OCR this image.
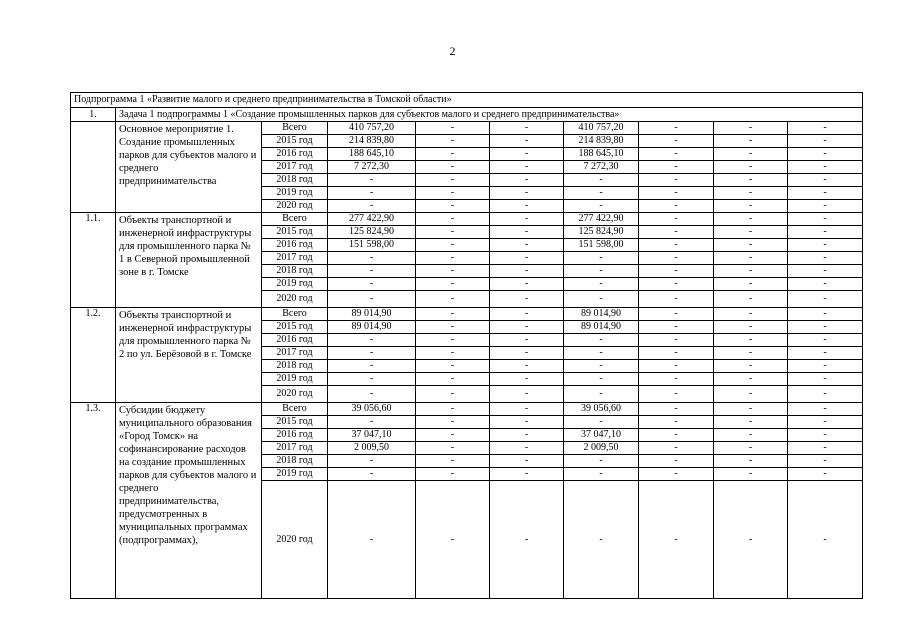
2
Подпрограмма 1 «Развитие малого и среднего предпринимательства в Томской области»									
1.	Задача 1 подпрограммы 1 «Создание промышленных парков для субъектов малого и среднего предпринимательства»								
	Основное мероприятие 1. Создание промышленных парков для субъектов малого и среднего предпринимательства	Всего	410 757,20	-	-	410 757,20	-	-	-
		2015 год	214 839,80	-	-	214 839,80	-	-	-
		2016 год	188 645,10	-	-	188 645,10	-	-	-
		2017 год	7 272,30	-	-	7 272,30	-	-	-
		2018 год	-	-	-	-	-	-	-
		2019 год	-	-	-	-	-	-	-
		2020 год	-	-	-	-	-	-	-
1.1.	Объекты транспортной и инженерной инфраструктуры для промышленного парка № 1 в Северной промышленной зоне в г. Томске	Всего	277 422,90	-	-	277 422,90	-	-	-
		2015 год	125 824,90	-	-	125 824,90	-	-	-
		2016 год	151 598,00	-	-	151 598,00	-	-	-
		2017 год	-	-	-	-	-	-	-
		2018 год	-	-	-	-	-	-	-
		2019 год	-	-	-	-	-	-	-
		2020 год	-	-	-	-	-	-	-
1.2.	Объекты транспортной и инженерной инфраструктуры для промышленного парка № 2 по ул. Берёзовой в г. Томске	Всего	89 014,90	-	-	89 014,90	-	-	-
		2015 год	89 014,90	-	-	89 014,90	-	-	-
		2016 год	-	-	-	-	-	-	-
		2017 год	-	-	-	-	-	-	-
		2018 год	-	-	-	-	-	-	-
		2019 год	-	-	-	-	-	-	-
		2020 год	-	-	-	-	-	-	-
1.3.	Субсидии бюджету муниципального образования «Город Томск» на софинансирование расходов на создание промышленных парков для субъектов малого и среднего предпринимательства, предусмотренных в муниципальных программах (подпрограммах),	Всего	39 056,60	-	-	39 056,60	-	-	-
		2015 год	-	-	-	-	-	-	-
		2016 год	37 047,10	-	-	37 047,10	-	-	-
		2017 год	2 009,50	-	-	2 009,50	-	-	-
		2018 год	-	-	-	-	-	-	-
		2019 год	-	-	-	-	-	-	-
		2020 год	-	-	-	-	-	-	-
